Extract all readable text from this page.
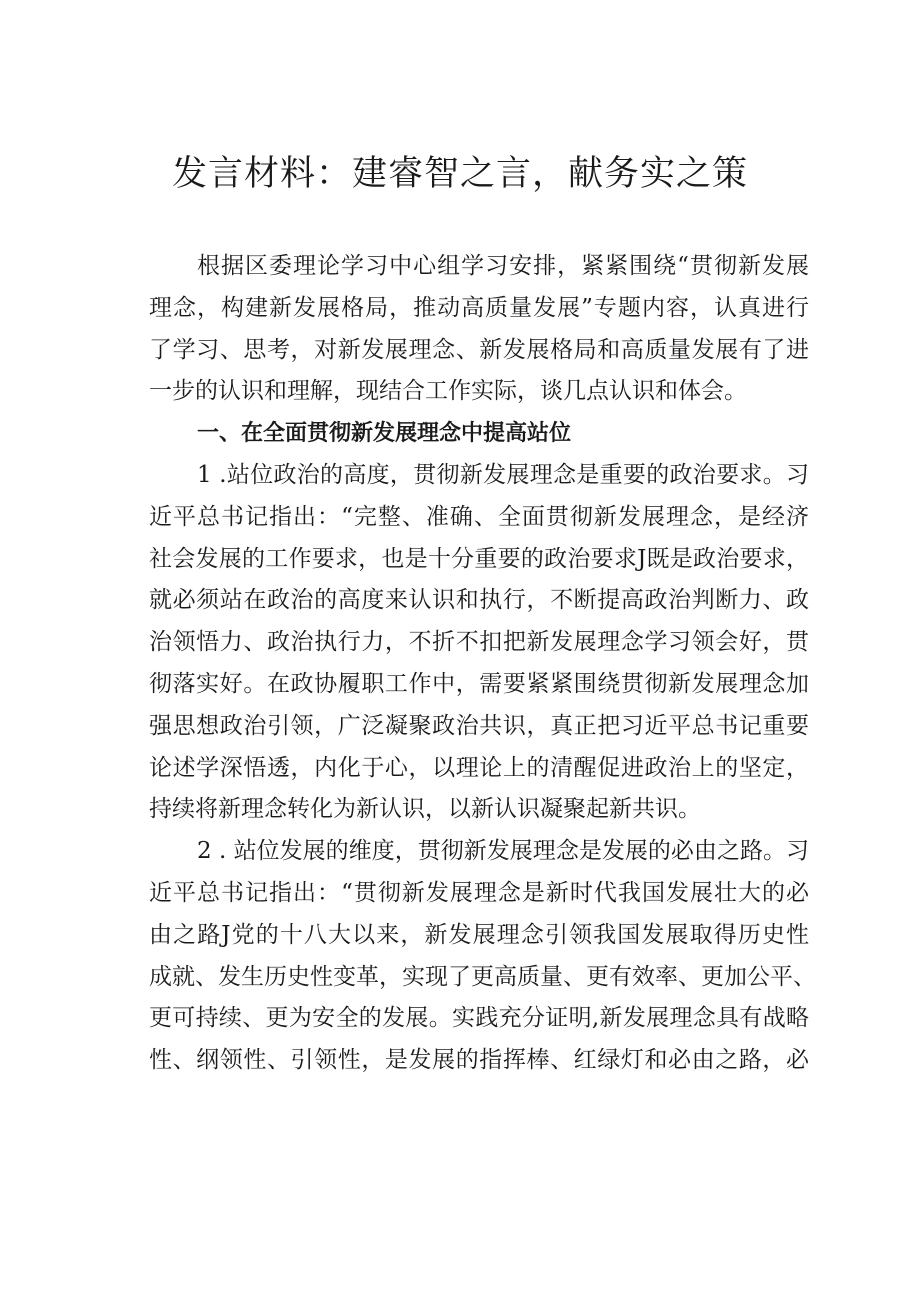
发言材料：建睿智之言，献务实之策
根据区委理论学习中心组学习安排，紧紧围绕“贯彻新发展
理念，构建新发展格局，推动高质量发展”专题内容，认真进行
了学习、思考，对新发展理念、新发展格局和高质量发展有了进
一步的认识和理解，现结合工作实际，谈几点认识和体会。
一、在全面贯彻新发展理念中提高站位
1 .站位政治的高度，贯彻新发展理念是重要的政治要求。习
近平总书记指出：“完整、准确、全面贯彻新发展理念，是经济
社会发展的工作要求，也是十分重要的政治要求J既是政治要求，
就必须站在政治的高度来认识和执行，不断提高政治判断力、政
治领悟力、政治执行力，不折不扣把新发展理念学习领会好，贯
彻落实好。在政协履职工作中，需要紧紧围绕贯彻新发展理念加
强思想政治引领，广泛凝聚政治共识，真正把习近平总书记重要
论述学深悟透，内化于心，以理论上的清醒促进政治上的坚定，
持续将新理念转化为新认识，以新认识凝聚起新共识。
2 . 站位发展的维度，贯彻新发展理念是发展的必由之路。习
近平总书记指出：“贯彻新发展理念是新时代我国发展壮大的必
由之路J党的十八大以来，新发展理念引领我国发展取得历史性
成就、发生历史性变革，实现了更高质量、更有效率、更加公平、
更可持续、更为安全的发展。实践充分证明,新发展理念具有战略
性、纲领性、引领性，是发展的指挥棒、红绿灯和必由之路，必
